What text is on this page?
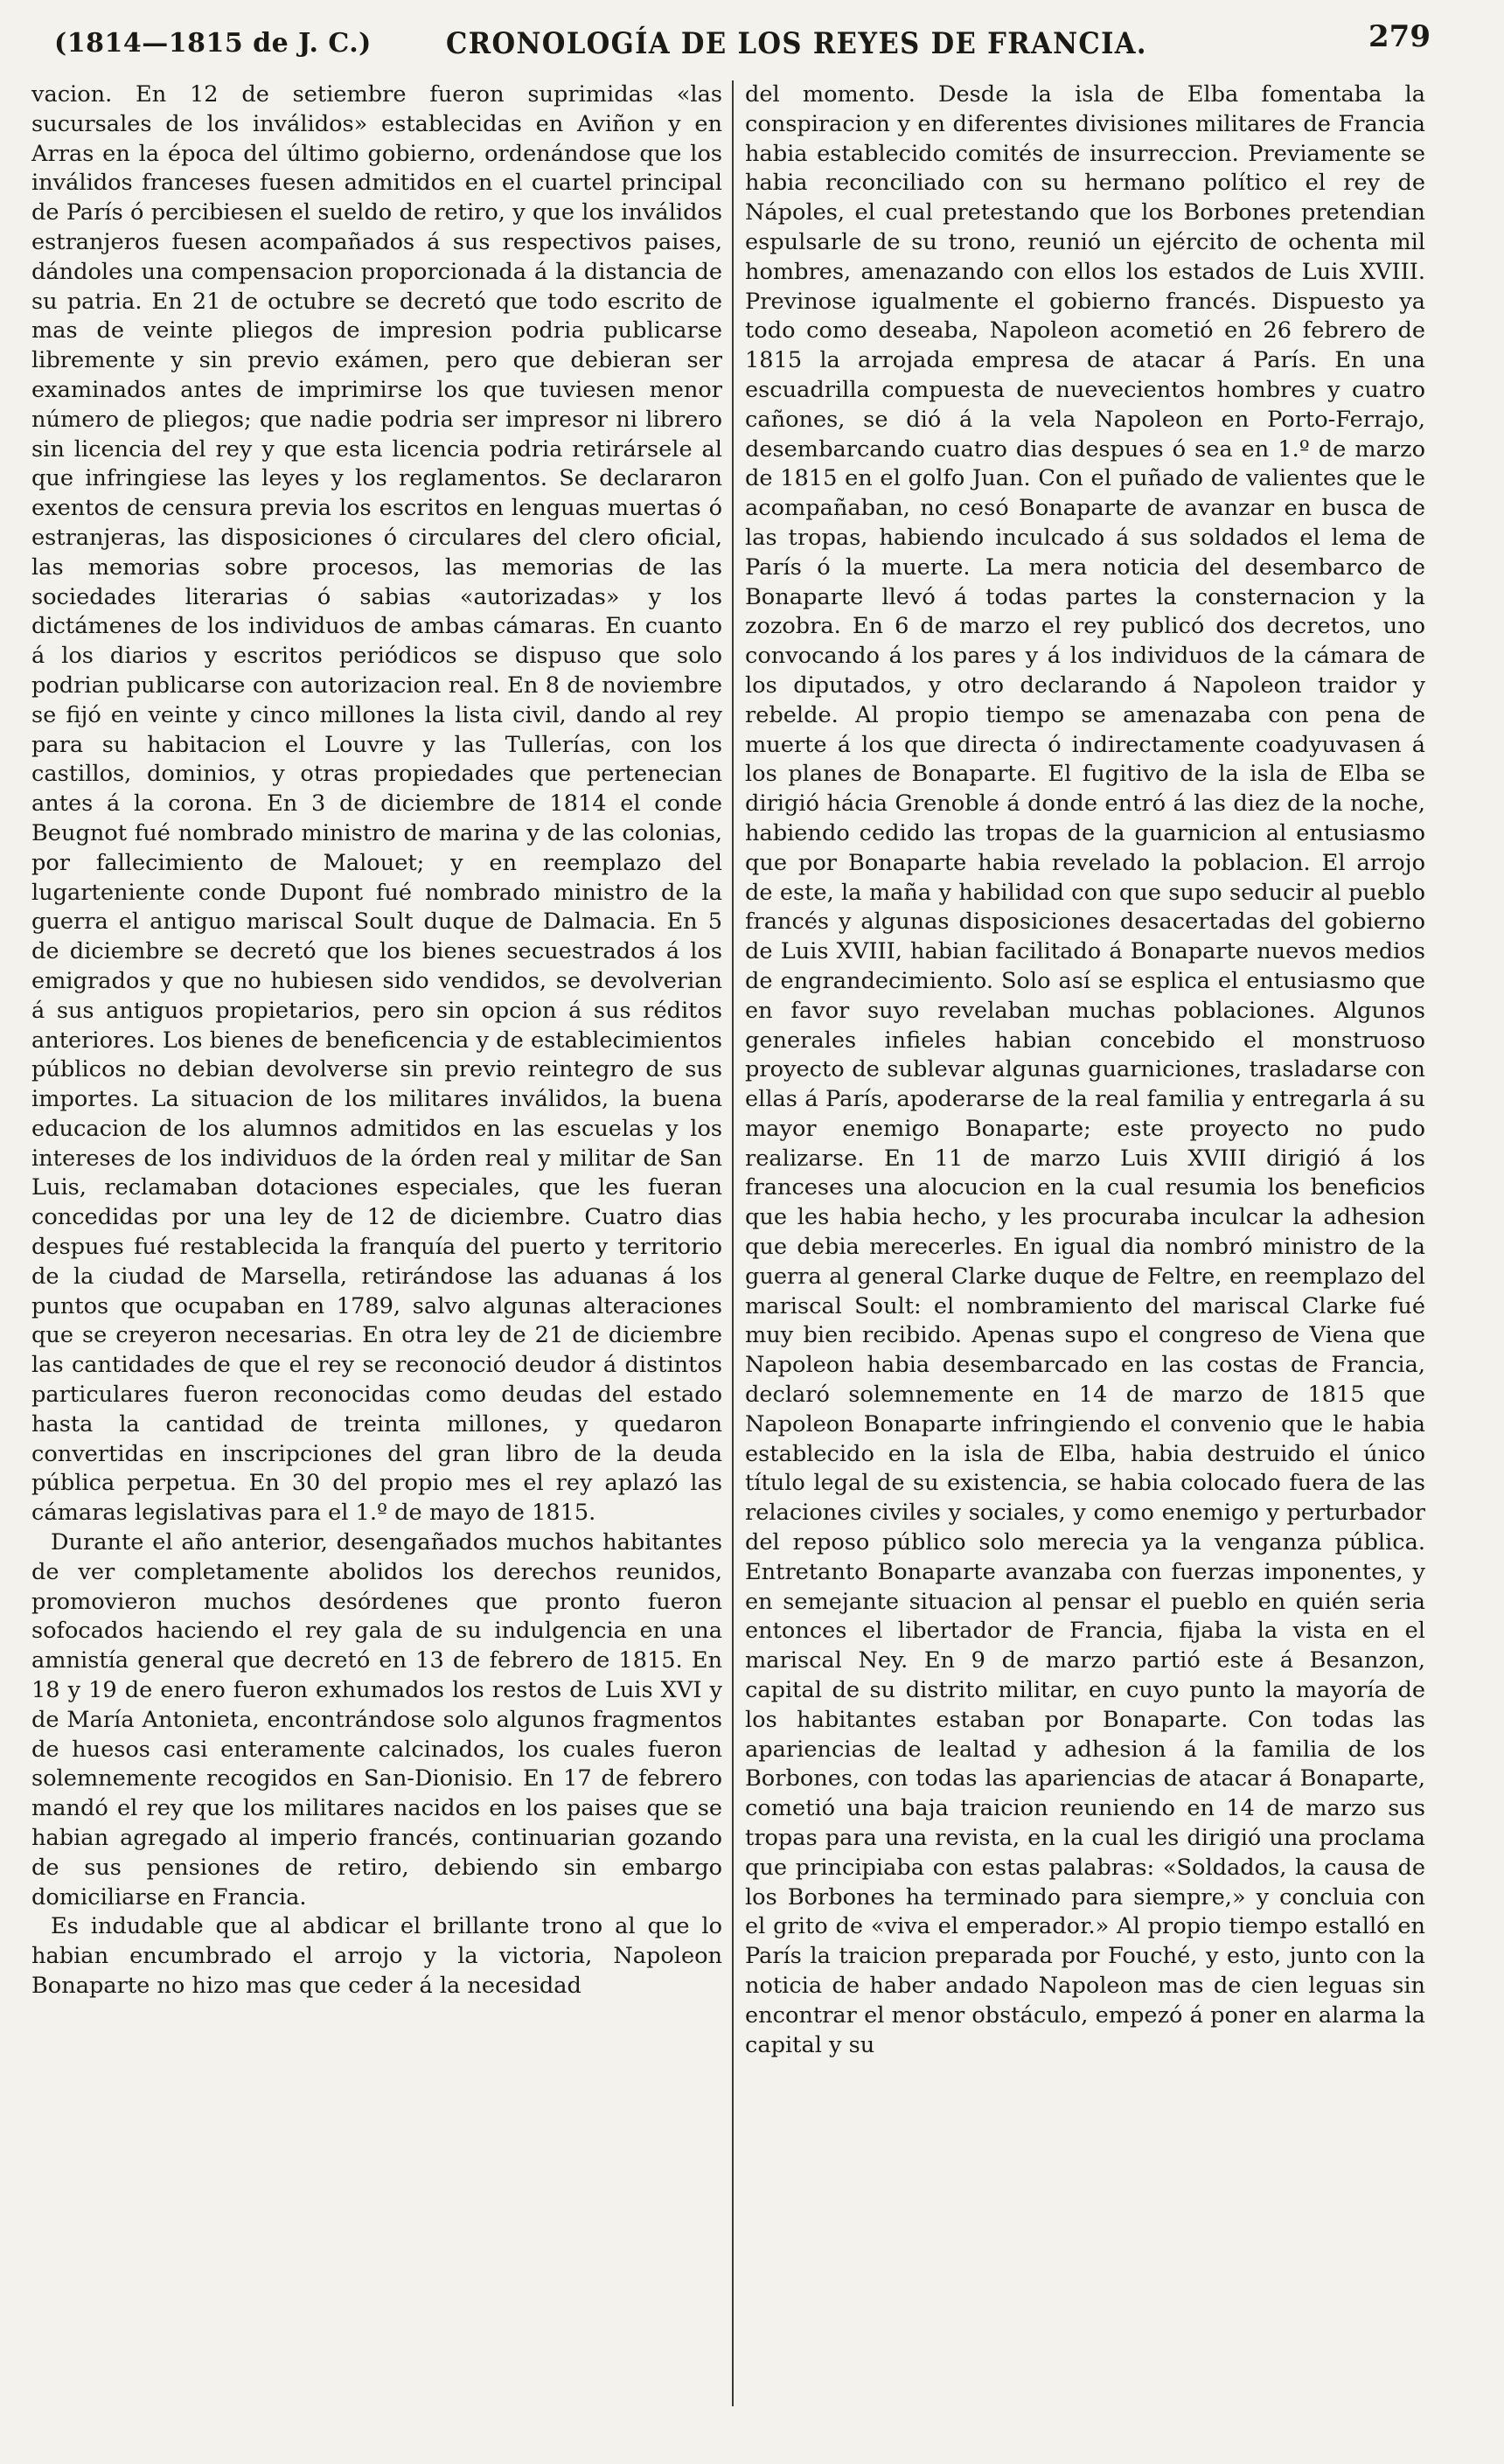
(1814—1815 de J. C.)	CRONOLOGÍA DE LOS REYES DE FRANCIA.	279

vacion. En 12 de setiembre fueron suprimidas «las sucursales de los inválidos» establecidas en Aviñon y en Arras en la época del último gobierno, ordenándose que los inválidos franceses fuesen admitidos en el cuartel principal de París ó percibiesen el sueldo de retiro, y que los inválidos estranjeros fuesen acompañados á sus respectivos paises, dándoles una compensacion proporcionada á la distancia de su patria. En 21 de octubre se decretó que todo escrito de mas de veinte pliegos de impresion podria publicarse libremente y sin previo exámen, pero que debieran ser examinados antes de imprimirse los que tuviesen menor número de pliegos; que nadie podria ser impresor ni librero sin licencia del rey y que esta licencia podria retirársele al que infringiese las leyes y los reglamentos. Se declararon exentos de censura previa los escritos en lenguas muertas ó estranjeras, las disposiciones ó circulares del clero oficial, las memorias sobre procesos, las memorias de las sociedades literarias ó sabias «autorizadas» y los dictámenes de los individuos de ambas cámaras. En cuanto á los diarios y escritos periódicos se dispuso que solo podrian publicarse con autorizacion real. En 8 de noviembre se fijó en veinte y cinco millones la lista civil, dando al rey para su habitacion el Louvre y las Tullerías, con los castillos, dominios, y otras propiedades que pertenecian antes á la corona. En 3 de diciembre de 1814 el conde Beugnot fué nombrado ministro de marina y de las colonias, por fallecimiento de Malouet; y en reemplazo del lugarteniente conde Dupont fué nombrado ministro de la guerra el antiguo mariscal Soult duque de Dalmacia. En 5 de diciembre se decretó que los bienes secuestrados á los emigrados y que no hubiesen sido vendidos, se devolverian á sus antiguos propietarios, pero sin opcion á sus réditos anteriores. Los bienes de beneficencia y de establecimientos públicos no debian devolverse sin previo reintegro de sus importes. La situacion de los militares inválidos, la buena educacion de los alumnos admitidos en las escuelas y los intereses de los individuos de la órden real y militar de San Luis, reclamaban dotaciones especiales, que les fueran concedidas por una ley de 12 de diciembre. Cuatro dias despues fué restablecida la franquía del puerto y territorio de la ciudad de Marsella, retirándose las aduanas á los puntos que ocupaban en 1789, salvo algunas alteraciones que se creyeron necesarias. En otra ley de 21 de diciembre las cantidades de que el rey se reconoció deudor á distintos particulares fueron reconocidas como deudas del estado hasta la cantidad de treinta millones, y quedaron convertidas en inscripciones del gran libro de la deuda pública perpetua. En 30 del propio mes el rey aplazó las cámaras legislativas para el 1.º de mayo de 1815.

Durante el año anterior, desengañados muchos habitantes de ver completamente abolidos los derechos reunidos, promovieron muchos desórdenes que pronto fueron sofocados haciendo el rey gala de su indulgencia en una amnistía general que decretó en 13 de febrero de 1815. En 18 y 19 de enero fueron exhumados los restos de Luis XVI y de María Antonieta, encontrándose solo algunos fragmentos de huesos casi enteramente calcinados, los cuales fueron solemnemente recogidos en San-Dionisio. En 17 de febrero mandó el rey que los militares nacidos en los paises que se habian agregado al imperio francés, continuarian gozando de sus pensiones de retiro, debiendo sin embargo domiciliarse en Francia.

Es indudable que al abdicar el brillante trono al que lo habian encumbrado el arrojo y la victoria, Napoleon Bonaparte no hizo mas que ceder á la necesidad

del momento. Desde la isla de Elba fomentaba la conspiracion y en diferentes divisiones militares de Francia habia establecido comités de insurreccion. Previamente se habia reconciliado con su hermano político el rey de Nápoles, el cual pretestando que los Borbones pretendian espulsarle de su trono, reunió un ejército de ochenta mil hombres, amenazando con ellos los estados de Luis XVIII. Previnose igualmente el gobierno francés. Dispuesto ya todo como deseaba, Napoleon acometió en 26 febrero de 1815 la arrojada empresa de atacar á París. En una escuadrilla compuesta de nuevecientos hombres y cuatro cañones, se dió á la vela Napoleon en Porto-Ferrajo, desembarcando cuatro dias despues ó sea en 1.º de marzo de 1815 en el golfo Juan. Con el puñado de valientes que le acompañaban, no cesó Bonaparte de avanzar en busca de las tropas, habiendo inculcado á sus soldados el lema de París ó la muerte. La mera noticia del desembarco de Bonaparte llevó á todas partes la consternacion y la zozobra. En 6 de marzo el rey publicó dos decretos, uno convocando á los pares y á los individuos de la cámara de los diputados, y otro declarando á Napoleon traidor y rebelde. Al propio tiempo se amenazaba con pena de muerte á los que directa ó indirectamente coadyuvasen á los planes de Bonaparte. El fugitivo de la isla de Elba se dirigió hácia Grenoble á donde entró á las diez de la noche, habiendo cedido las tropas de la guarnicion al entusiasmo que por Bonaparte habia revelado la poblacion. El arrojo de este, la maña y habilidad con que supo seducir al pueblo francés y algunas disposiciones desacertadas del gobierno de Luis XVIII, habian facilitado á Bonaparte nuevos medios de engrandecimiento. Solo así se esplica el entusiasmo que en favor suyo revelaban muchas poblaciones. Algunos generales infieles habian concebido el monstruoso proyecto de sublevar algunas guarniciones, trasladarse con ellas á París, apoderarse de la real familia y entregarla á su mayor enemigo Bonaparte; este proyecto no pudo realizarse. En 11 de marzo Luis XVIII dirigió á los franceses una alocucion en la cual resumia los beneficios que les habia hecho, y les procuraba inculcar la adhesion que debia merecerles. En igual dia nombró ministro de la guerra al general Clarke duque de Feltre, en reemplazo del mariscal Soult: el nombramiento del mariscal Clarke fué muy bien recibido. Apenas supo el congreso de Viena que Napoleon habia desembarcado en las costas de Francia, declaró solemnemente en 14 de marzo de 1815 que Napoleon Bonaparte infringiendo el convenio que le habia establecido en la isla de Elba, habia destruido el único título legal de su existencia, se habia colocado fuera de las relaciones civiles y sociales, y como enemigo y perturbador del reposo público solo merecia ya la venganza pública. Entretanto Bonaparte avanzaba con fuerzas imponentes, y en semejante situacion al pensar el pueblo en quién seria entonces el libertador de Francia, fijaba la vista en el mariscal Ney. En 9 de marzo partió este á Besanzon, capital de su distrito militar, en cuyo punto la mayoría de los habitantes estaban por Bonaparte. Con todas las apariencias de lealtad y adhesion á la familia de los Borbones, con todas las apariencias de atacar á Bonaparte, cometió una baja traicion reuniendo en 14 de marzo sus tropas para una revista, en la cual les dirigió una proclama que principiaba con estas palabras: «Soldados, la causa de los Borbones ha terminado para siempre,» y concluia con el grito de «viva el emperador.» Al propio tiempo estalló en París la traicion preparada por Fouché, y esto, junto con la noticia de haber andado Napoleon mas de cien leguas sin encontrar el menor obstáculo, empezó á poner en alarma la capital y su
